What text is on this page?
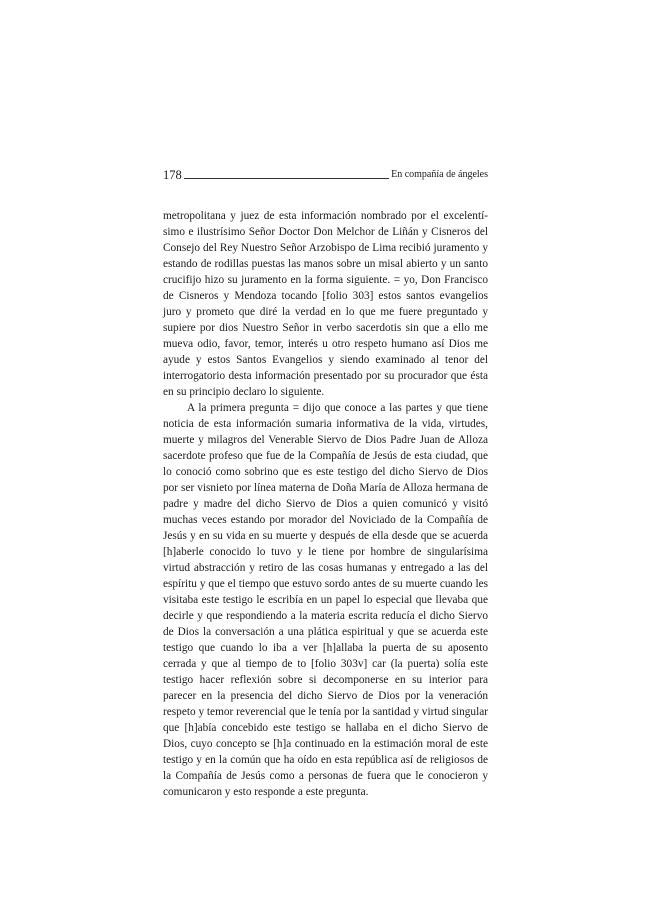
178	En compañía de ángeles

metropolitana y juez de esta información nombrado por el excelentísimo e ilustrísimo Señor Doctor Don Melchor de Liñán y Cisneros del Consejo del Rey Nuestro Señor Arzobispo de Lima recibió juramento y estando de rodillas puestas las manos sobre un misal abierto y un santo crucifijo hizo su juramento en la forma siguiente. = yo, Don Francisco de Cisneros y Mendoza tocando [folio 303] estos santos evangelios juro y prometo que diré la verdad en lo que me fuere preguntado y supiere por dios Nuestro Señor in verbo sacerdotis sin que a ello me mueva odio, favor, temor, interés u otro respeto humano así Dios me ayude y estos Santos Evangelios y siendo examinado al tenor del interrogatorio desta información presentado por su procurador que ésta en su principio declaro lo siguiente.

A la primera pregunta = dijo que conoce a las partes y que tiene noticia de esta información sumaria informativa de la vida, virtudes, muerte y milagros del Venerable Siervo de Dios Padre Juan de Alloza sacerdote profeso que fue de la Compañía de Jesús de esta ciudad, que lo conoció como sobrino que es este testigo del dicho Siervo de Dios por ser visnieto por línea materna de Doña María de Alloza hermana de padre y madre del dicho Siervo de Dios a quien comunicó y visitó muchas veces estando por morador del Noviciado de la Compañía de Jesús y en su vida en su muerte y después de ella desde que se acuerda [h]aberle conocido lo tuvo y le tiene por hombre de singularísima virtud abstracción y retiro de las cosas humanas y entregado a las del espíritu y que el tiempo que estuvo sordo antes de su muerte cuando les visitaba este testigo le escribía en un papel lo especial que llevaba que decirle y que respondiendo a la materia escrita reducía el dicho Siervo de Dios la conversación a una plática espiritual y que se acuerda este testigo que cuando lo iba a ver [h]allaba la puerta de su aposento cerrada y que al tiempo de to [folio 303v] car (la puerta) solía este testigo hacer reflexión sobre si decomponerse en su interior para parecer en la presencia del dicho Siervo de Dios por la veneración respeto y temor reverencial que le tenía por la santidad y virtud singular que [h]abía concebido este testigo se hallaba en el dicho Siervo de Dios, cuyo concepto se [h]a continuado en la estimación moral de este testigo y en la común que ha oído en esta república así de religiosos de la Compañía de Jesús como a personas de fuera que le conocieron y comunicaron y esto responde a este pregunta.
